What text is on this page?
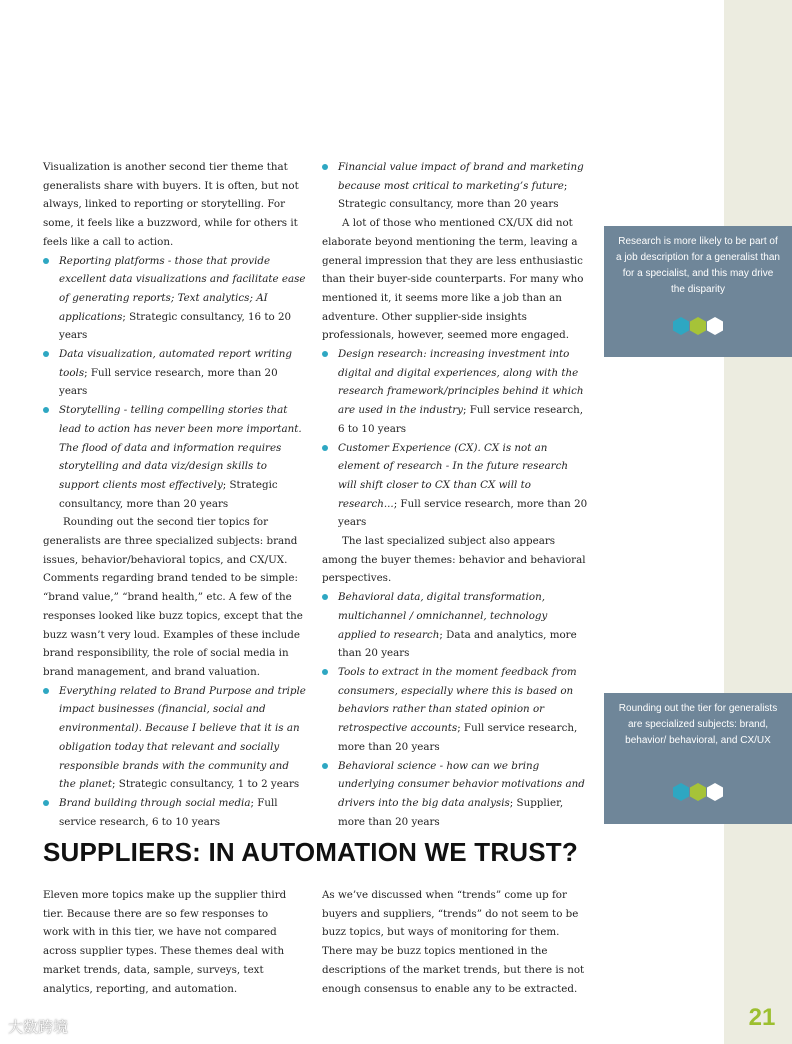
Visualization is another second tier theme that generalists share with buyers. It is often, but not always, linked to reporting or storytelling. For some, it feels like a buzzword, while for others it feels like a call to action.

Reporting platforms - those that provide excellent data visualizations and facilitate ease of generating reports; Text analytics; AI applications; Strategic consultancy, 16 to 20 years
Data visualization, automated report writing tools; Full service research, more than 20 years
Storytelling - telling compelling stories that lead to action has never been more important. The flood of data and information requires storytelling and data viz/design skills to support clients most effectively; Strategic consultancy, more than 20 years

Rounding out the second tier topics for generalists are three specialized subjects: brand issues, behavior/behavioral topics, and CX/UX. Comments regarding brand tended to be simple: “brand value,” “brand health,” etc. A few of the responses looked like buzz topics, except that the buzz wasn’t very loud. Examples of these include brand responsibility, the role of social media in brand management, and brand valuation.

Everything related to Brand Purpose and triple impact businesses (financial, social and environmental). Because I believe that it is an obligation today that relevant and socially responsible brands with the community and the planet; Strategic consultancy, 1 to 2 years
Brand building through social media; Full service research, 6 to 10 years
Financial value impact of brand and marketing because most critical to marketing’s future; Strategic consultancy, more than 20 years

A lot of those who mentioned CX/UX did not elaborate beyond mentioning the term, leaving a general impression that they are less enthusiastic than their buyer-side counterparts. For many who mentioned it, it seems more like a job than an adventure. Other supplier-side insights professionals, however, seemed more engaged.

Design research: increasing investment into digital and digital experiences, along with the research framework/principles behind it which are used in the industry; Full service research, 6 to 10 years
Customer Experience (CX). CX is not an element of research - In the future research will shift closer to CX than CX will to research...; Full service research, more than 20 years

The last specialized subject also appears among the buyer themes: behavior and behavioral perspectives.

Behavioral data, digital transformation, multichannel / omnichannel, technology applied to research; Data and analytics, more than 20 years
Tools to extract in the moment feedback from consumers, especially where this is based on behaviors rather than stated opinion or retrospective accounts; Full service research, more than 20 years
Behavioral science - how can we bring underlying consumer behavior motivations and drivers into the big data analysis; Supplier, more than 20 years
Research is more likely to be part of a job description for a generalist than for a specialist, and this may drive the disparity
Rounding out the tier for generalists are specialized subjects: brand, behavior/ behavioral, and CX/UX
SUPPLIERS: IN AUTOMATION WE TRUST?

Eleven more topics make up the supplier third tier. Because there are so few responses to work with in this tier, we have not compared across supplier types. These themes deal with market trends, data, sample, surveys, text analytics, reporting, and automation.

As we’ve discussed when “trends” come up for buyers and suppliers, “trends” do not seem to be buzz topics, but ways of monitoring for them. There may be buzz topics mentioned in the descriptions of the market trends, but there is not enough consensus to enable any to be extracted.

21
大数跨境
